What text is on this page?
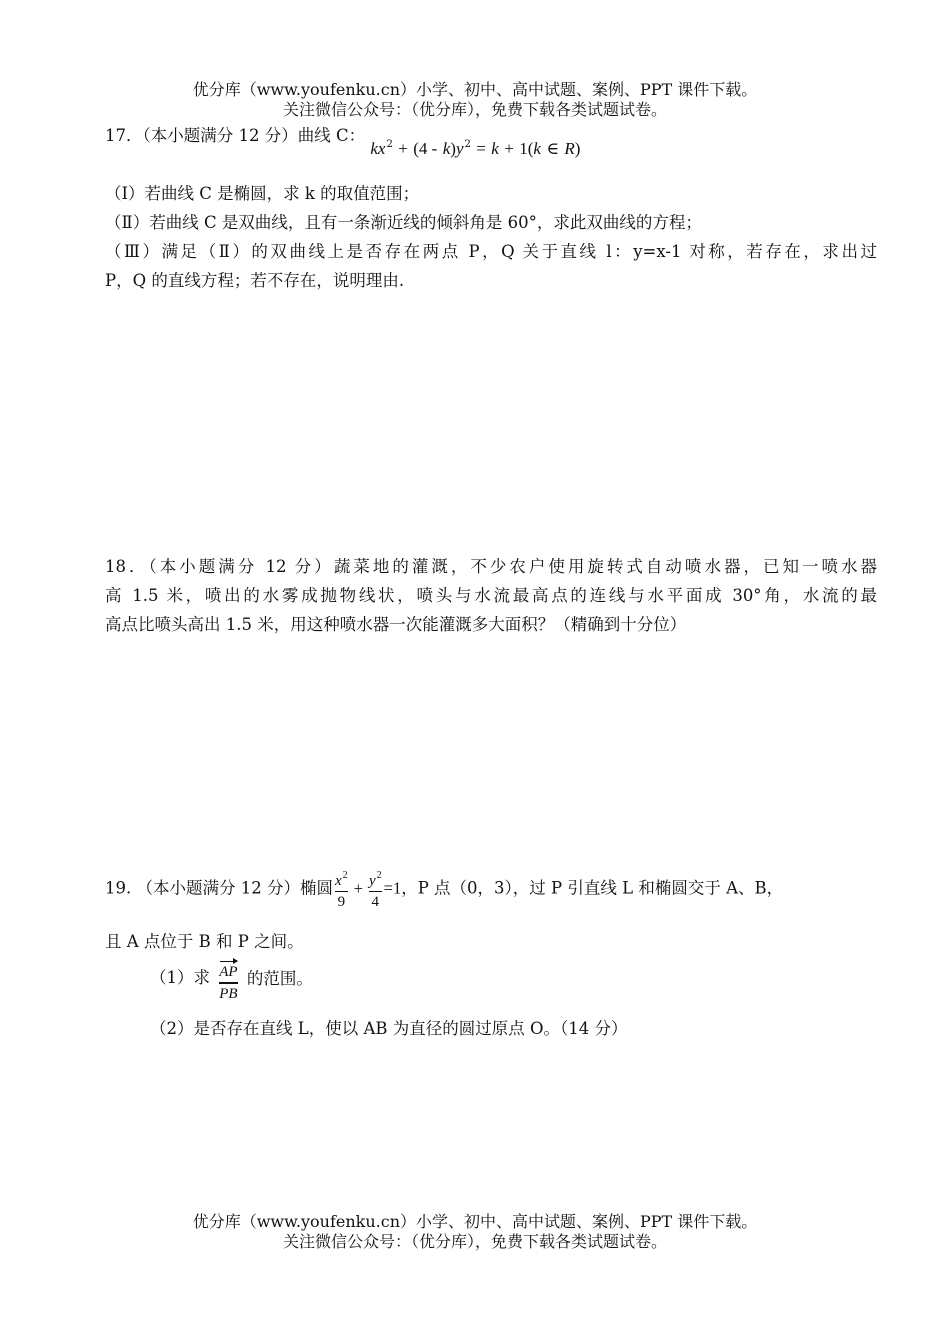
优分库（www.youfenku.cn）小学、初中、高中试题、案例、PPT 课件下载。
关注微信公众号：（优分库），免费下载各类试题试卷。
17．（本小题满分 12 分）曲线 C： $kx^2 + (4 - k)y^2 = k + 1(k$ ∈ R)
（Ⅰ）若曲线 C 是椭圆，求 k 的取值范围；
（Ⅱ）若曲线 C 是双曲线，且有一条渐近线的倾斜角是 60°，求此双曲线的方程；
（Ⅲ）满足（Ⅱ）的双曲线上是否存在两点 P，Q 关于直线 l：y=x-1 对称，若存在，求出过
P，Q 的直线方程；若不存在，说明理由.
18．（本小题满分 12 分）蔬菜地的灌溉，不少农户使用旋转式自动喷水器，已知一喷水器
高 1.5 米，喷出的水雾成抛物线状，喷头与水流最高点的连线与水平面成 30°角，水流的最
高点比喷头高出 1.5 米，用这种喷水器一次能灌溉多大面积？（精确到十分位）
19. （本小题满分 12 分）椭圆 $\frac{x^2}{9} + \frac{y^2}{4} =1$，P 点（0，3），过 P 引直线 L 和椭圆交于 A、B，
且 A 点位于 B 和 P 之间。
（1）求 $\frac{AP}{PB}$ 的范围。
（2）是否存在直线 L，使以 AB 为直径的圆过原点 O。（14 分）
优分库（www.youfenku.cn）小学、初中、高中试题、案例、PPT 课件下载。
关注微信公众号：（优分库），免费下载各类试题试卷。
